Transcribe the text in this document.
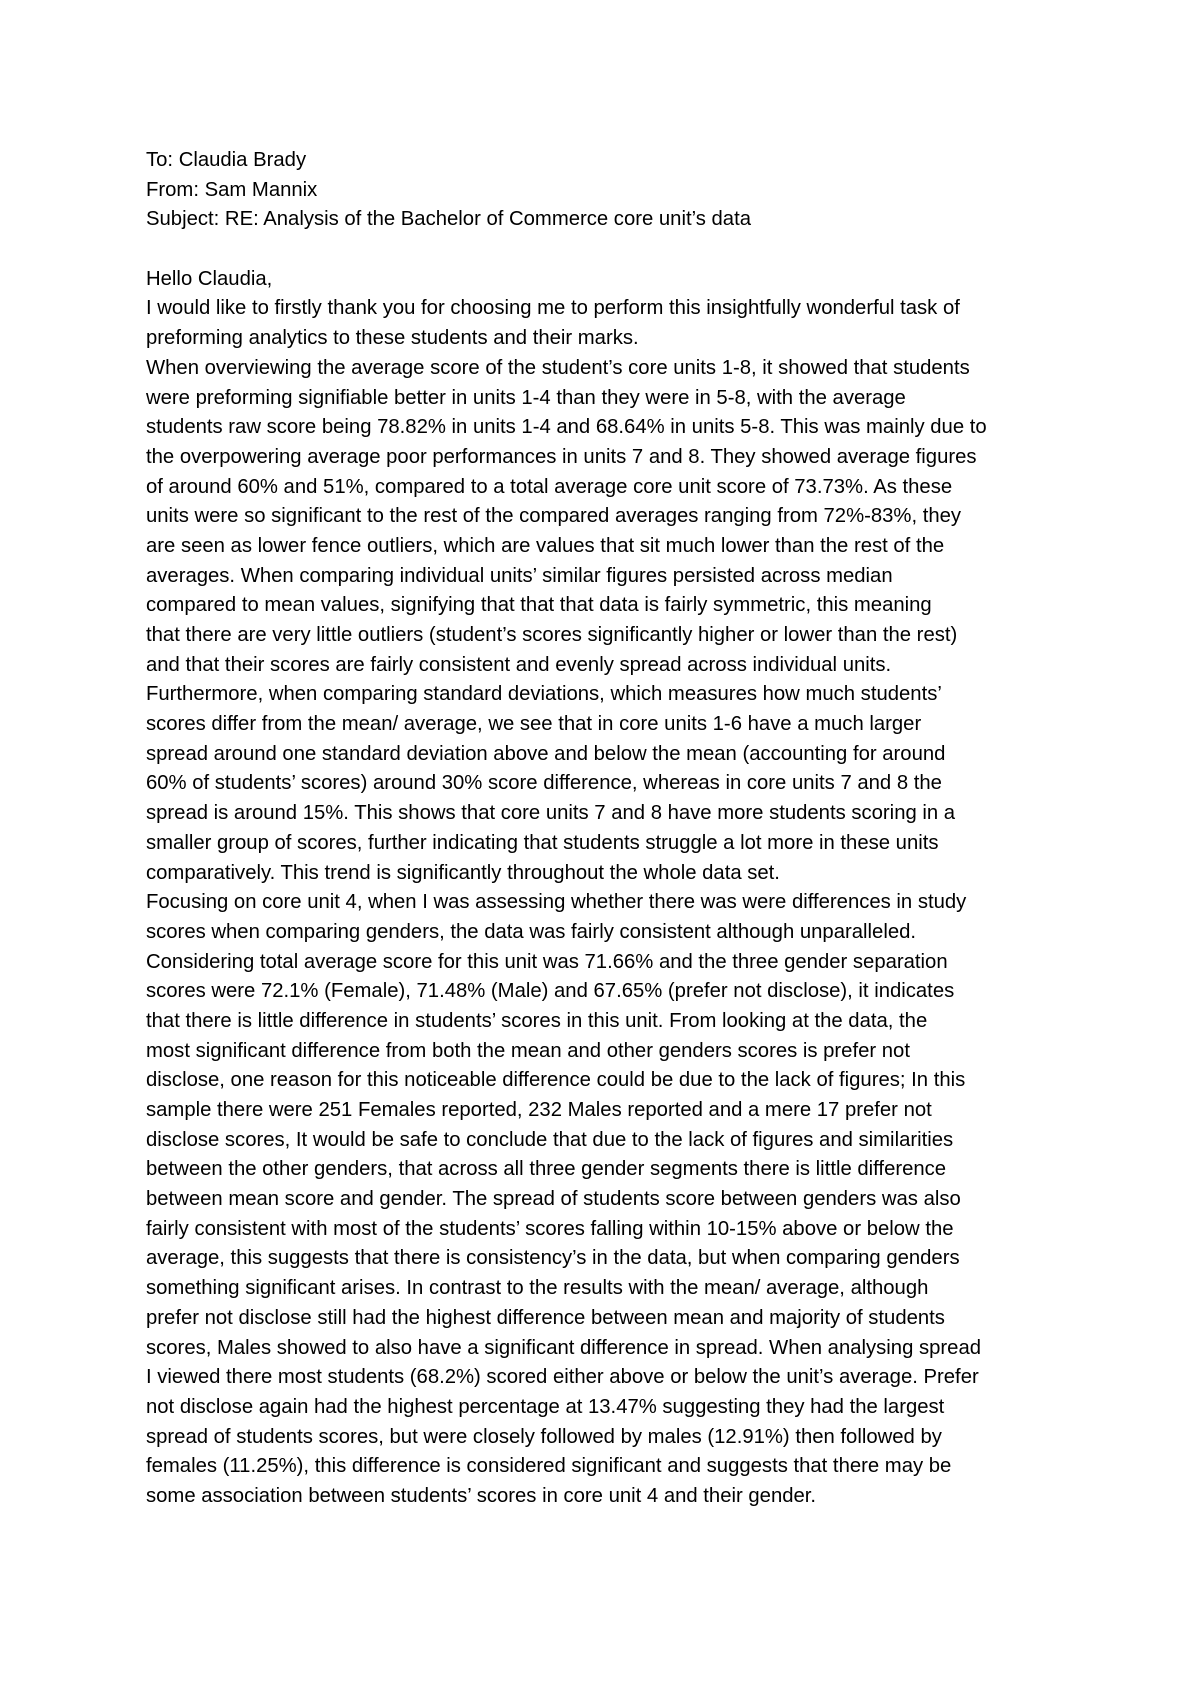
To: Claudia Brady
From: Sam Mannix
Subject: RE: Analysis of the Bachelor of Commerce core unit’s data
Hello Claudia,
I would like to firstly thank you for choosing me to perform this insightfully wonderful task of
preforming analytics to these students and their marks.
When overviewing the average score of the student’s core units 1-8, it showed that students
were preforming signifiable better in units 1-4 than they were in 5-8, with the average
students raw score being 78.82% in units 1-4 and 68.64% in units 5-8. This was mainly due to
the overpowering average poor performances in units 7 and 8. They showed average figures
of around 60% and 51%, compared to a total average core unit score of 73.73%. As these
units were so significant to the rest of the compared averages ranging from 72%-83%, they
are seen as lower fence outliers, which are values that sit much lower than the rest of the
averages. When comparing individual units’ similar figures persisted across median
compared to mean values, signifying that that that data is fairly symmetric, this meaning
that there are very little outliers (student’s scores significantly higher or lower than the rest)
and that their scores are fairly consistent and evenly spread across individual units.
Furthermore, when comparing standard deviations, which measures how much students’
scores differ from the mean/ average, we see that in core units 1-6 have a much larger
spread around one standard deviation above and below the mean (accounting for around
60% of students’ scores) around 30% score difference, whereas in core units 7 and 8 the
spread is around 15%. This shows that core units 7 and 8 have more students scoring in a
smaller group of scores, further indicating that students struggle a lot more in these units
comparatively. This trend is significantly throughout the whole data set.
Focusing on core unit 4, when I was assessing whether there was were differences in study
scores when comparing genders, the data was fairly consistent although unparalleled.
Considering total average score for this unit was 71.66% and the three gender separation
scores were 72.1% (Female), 71.48% (Male) and 67.65% (prefer not disclose), it indicates
that there is little difference in students’ scores in this unit. From looking at the data, the
most significant difference from both the mean and other genders scores is prefer not
disclose, one reason for this noticeable difference could be due to the lack of figures; In this
sample there were 251 Females reported, 232 Males reported and a mere 17 prefer not
disclose scores, It would be safe to conclude that due to the lack of figures and similarities
between the other genders, that across all three gender segments there is little difference
between mean score and gender. The spread of students score between genders was also
fairly consistent with most of the students’ scores falling within 10-15% above or below the
average, this suggests that there is consistency’s in the data, but when comparing genders
something significant arises. In contrast to the results with the mean/ average, although
prefer not disclose still had the highest difference between mean and majority of students
scores, Males showed to also have a significant difference in spread. When analysing spread
I viewed there most students (68.2%) scored either above or below the unit’s average. Prefer
not disclose again had the highest percentage at 13.47% suggesting they had the largest
spread of students scores, but were closely followed by males (12.91%) then followed by
females (11.25%), this difference is considered significant and suggests that there may be
some association between students’ scores in core unit 4 and their gender.
